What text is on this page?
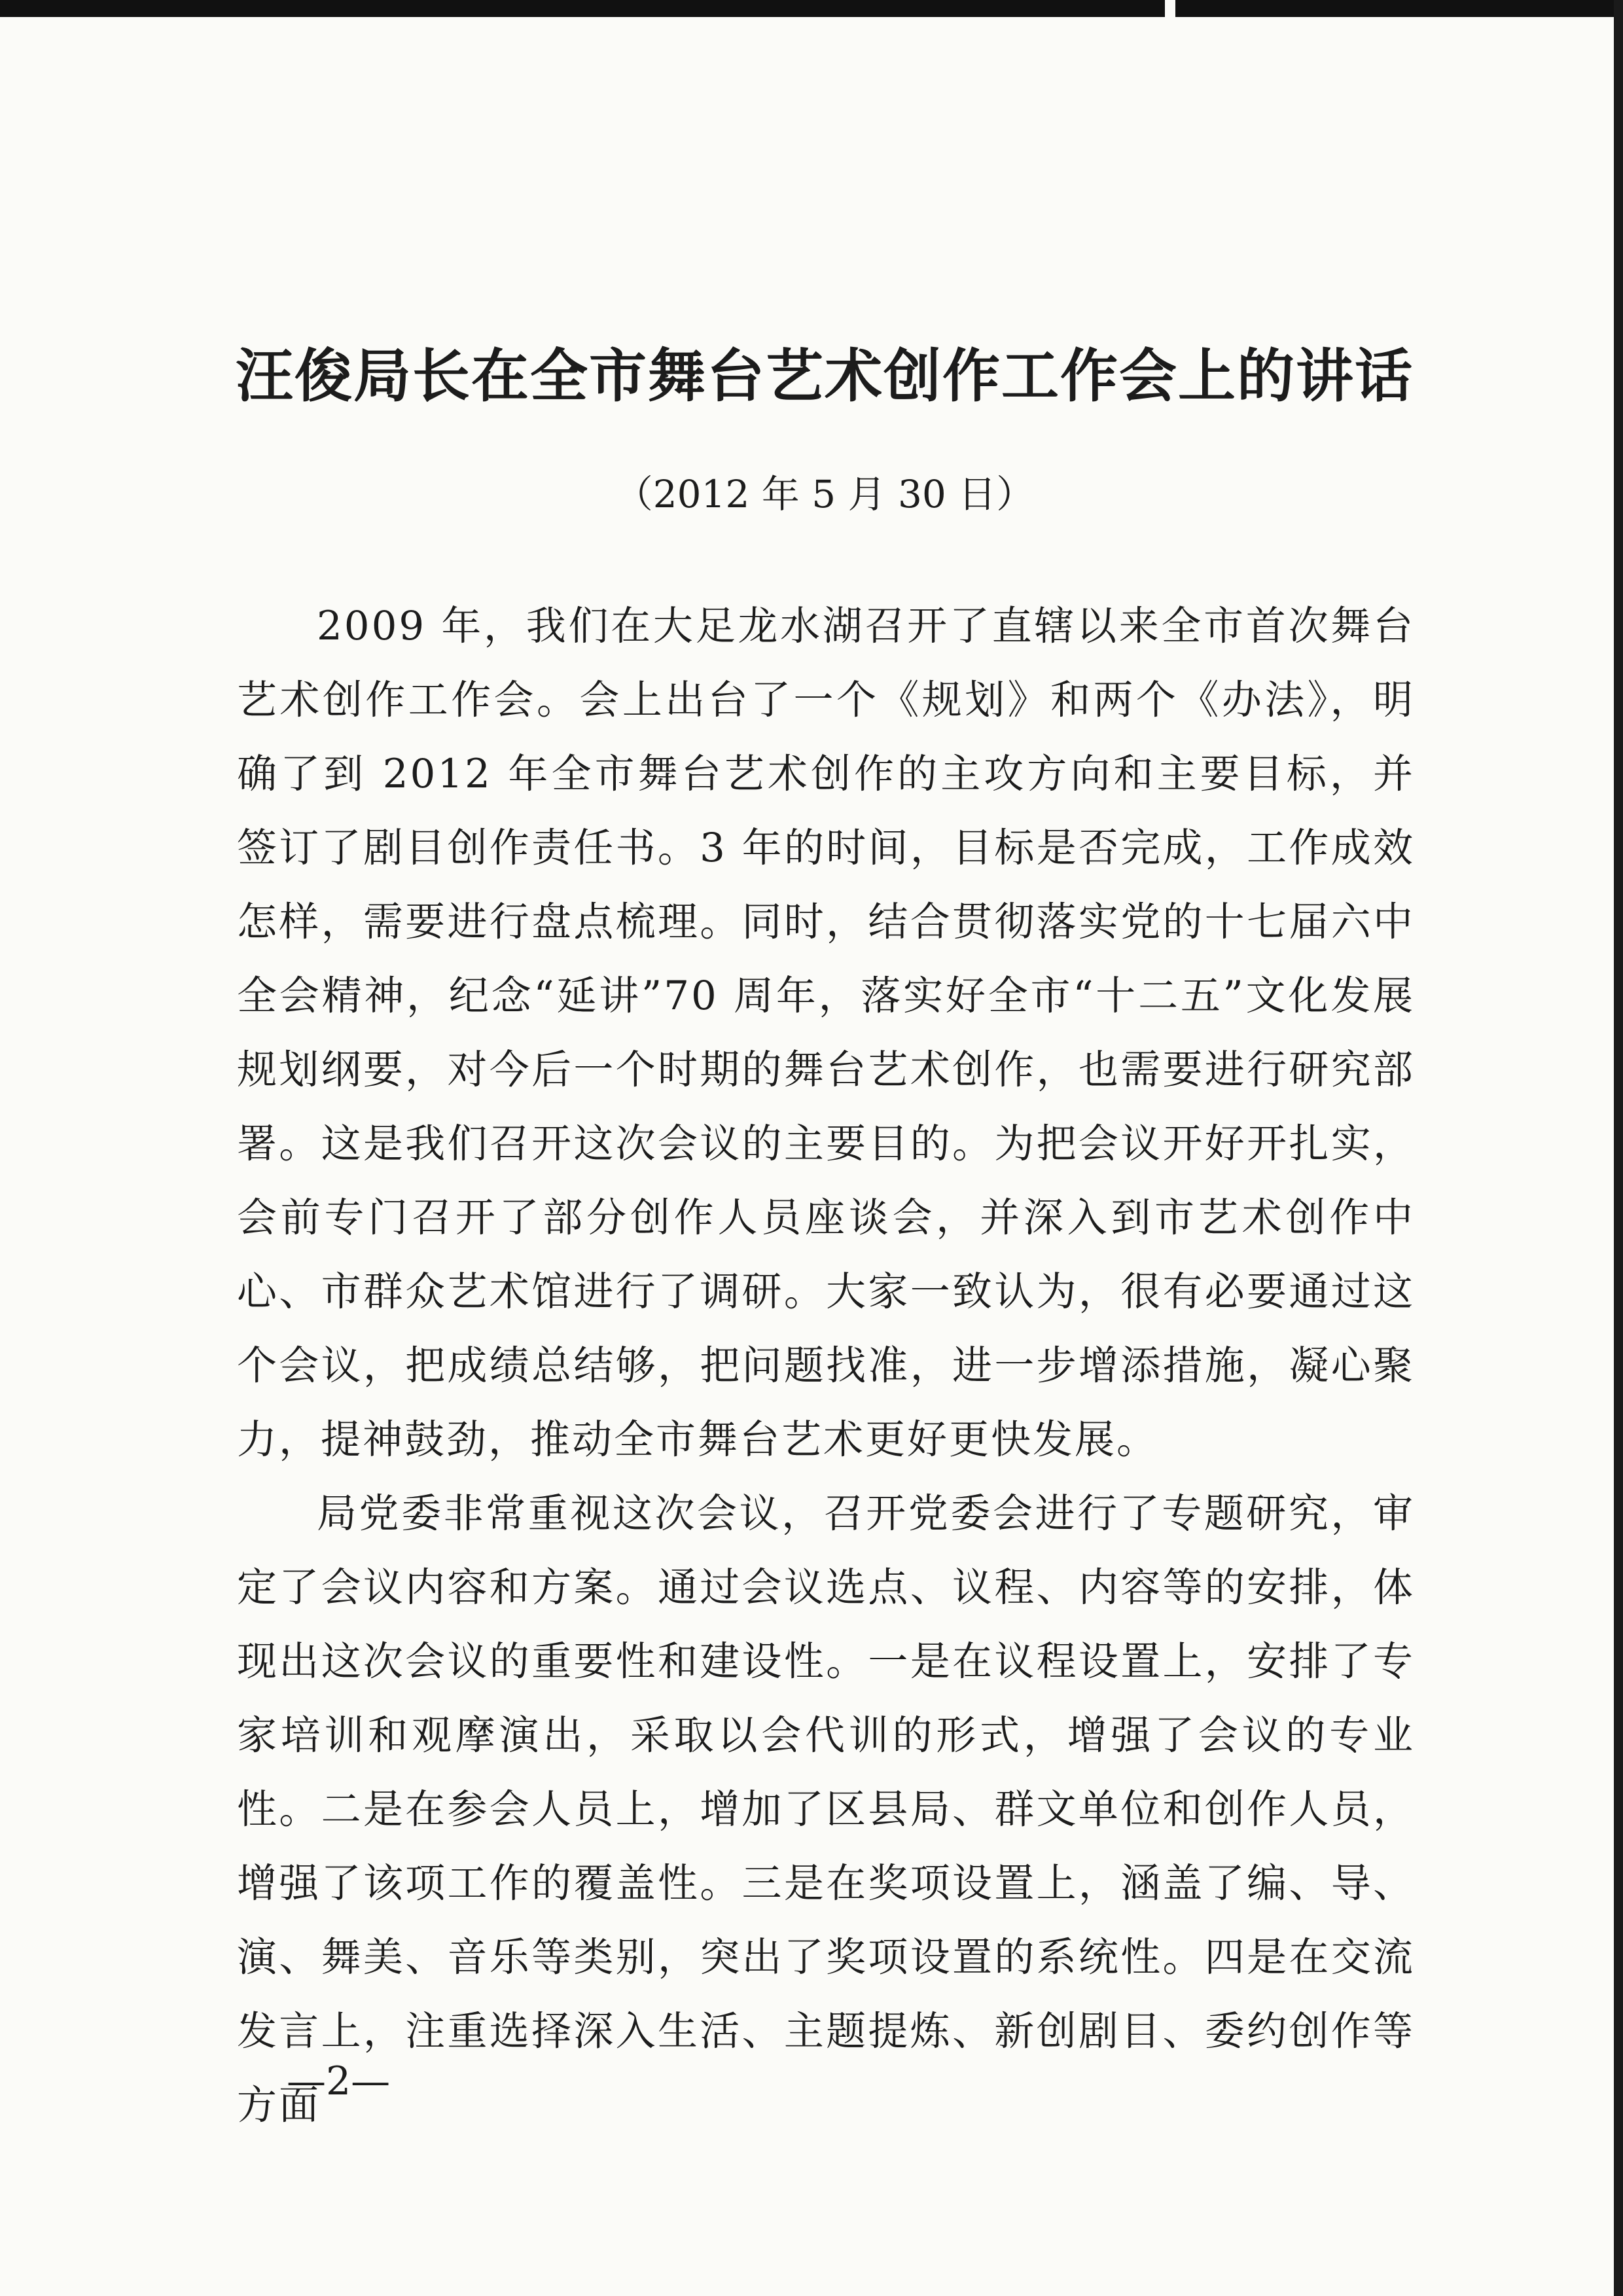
汪俊局长在全市舞台艺术创作工作会上的讲话
（2012 年 5 月 30 日）

2009 年，我们在大足龙水湖召开了直辖以来全市首次舞台艺术创作工作会。会上出台了一个《规划》和两个《办法》，明确了到 2012 年全市舞台艺术创作的主攻方向和主要目标，并签订了剧目创作责任书。3 年的时间，目标是否完成，工作成效怎样，需要进行盘点梳理。同时，结合贯彻落实党的十七届六中全会精神，纪念“延讲”70 周年，落实好全市“十二五”文化发展规划纲要，对今后一个时期的舞台艺术创作，也需要进行研究部署。这是我们召开这次会议的主要目的。为把会议开好开扎实，会前专门召开了部分创作人员座谈会，并深入到市艺术创作中心、市群众艺术馆进行了调研。大家一致认为，很有必要通过这个会议，把成绩总结够，把问题找准，进一步增添措施，凝心聚力，提神鼓劲，推动全市舞台艺术更好更快发展。

局党委非常重视这次会议，召开党委会进行了专题研究，审定了会议内容和方案。通过会议选点、议程、内容等的安排，体现出这次会议的重要性和建设性。一是在议程设置上，安排了专家培训和观摩演出，采取以会代训的形式，增强了会议的专业性。二是在参会人员上，增加了区县局、群文单位和创作人员，增强了该项工作的覆盖性。三是在奖项设置上，涵盖了编、导、演、舞美、音乐等类别，突出了奖项设置的系统性。四是在交流发言上，注重选择深入生活、主题提炼、新创剧目、委约创作等方面

—2—
